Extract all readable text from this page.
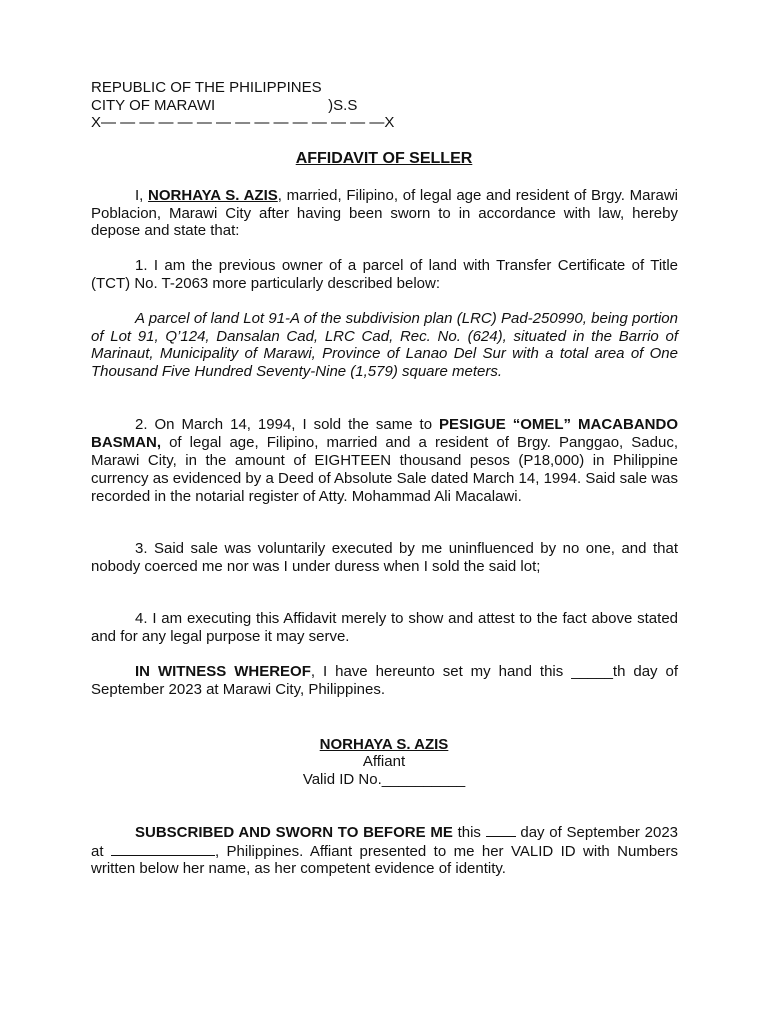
REPUBLIC OF THE PHILIPPINES
CITY OF MARAWI	)S.S
X— — — — — — — — — — — — — — —X
AFFIDAVIT OF SELLER
I, NORHAYA S. AZIS, married, Filipino, of legal age and resident of Brgy. Marawi Poblacion, Marawi City after having been sworn to in accordance with law, hereby depose and state that:
1. I am the previous owner of a parcel of land with Transfer Certificate of Title (TCT) No. T-2063 more particularly described below:
A parcel of land Lot 91-A of the subdivision plan (LRC) Pad-250990, being portion of Lot 91, Q’124, Dansalan Cad, LRC Cad, Rec. No. (624), situated in the Barrio of Marinaut, Municipality of Marawi, Province of Lanao Del Sur with a total area of One Thousand Five Hundred Seventy-Nine (1,579) square meters.
2. On March 14, 1994, I sold the same to PESIGUE “OMEL” MACABANDO BASMAN, of legal age, Filipino, married and a resident of Brgy. Panggao, Saduc, Marawi City, in the amount of EIGHTEEN thousand pesos (P18,000) in Philippine currency as evidenced by a Deed of Absolute Sale dated March 14, 1994. Said sale was recorded in the notarial register of Atty. Mohammad Ali Macalawi.
3. Said sale was voluntarily executed by me uninfluenced by no one, and that nobody coerced me nor was I under duress when I sold the said lot;
4. I am executing this Affidavit merely to show and attest to the fact above stated and for any legal purpose it may serve.
IN WITNESS WHEREOF, I have hereunto set my hand this _____th day of September 2023 at Marawi City, Philippines.
NORHAYA S. AZIS
Affiant
Valid ID No.__________
SUBSCRIBED AND SWORN TO BEFORE ME this	day of September 2023 at	, Philippines. Affiant presented to me her VALID ID with Numbers written below her name, as her competent evidence of identity.
